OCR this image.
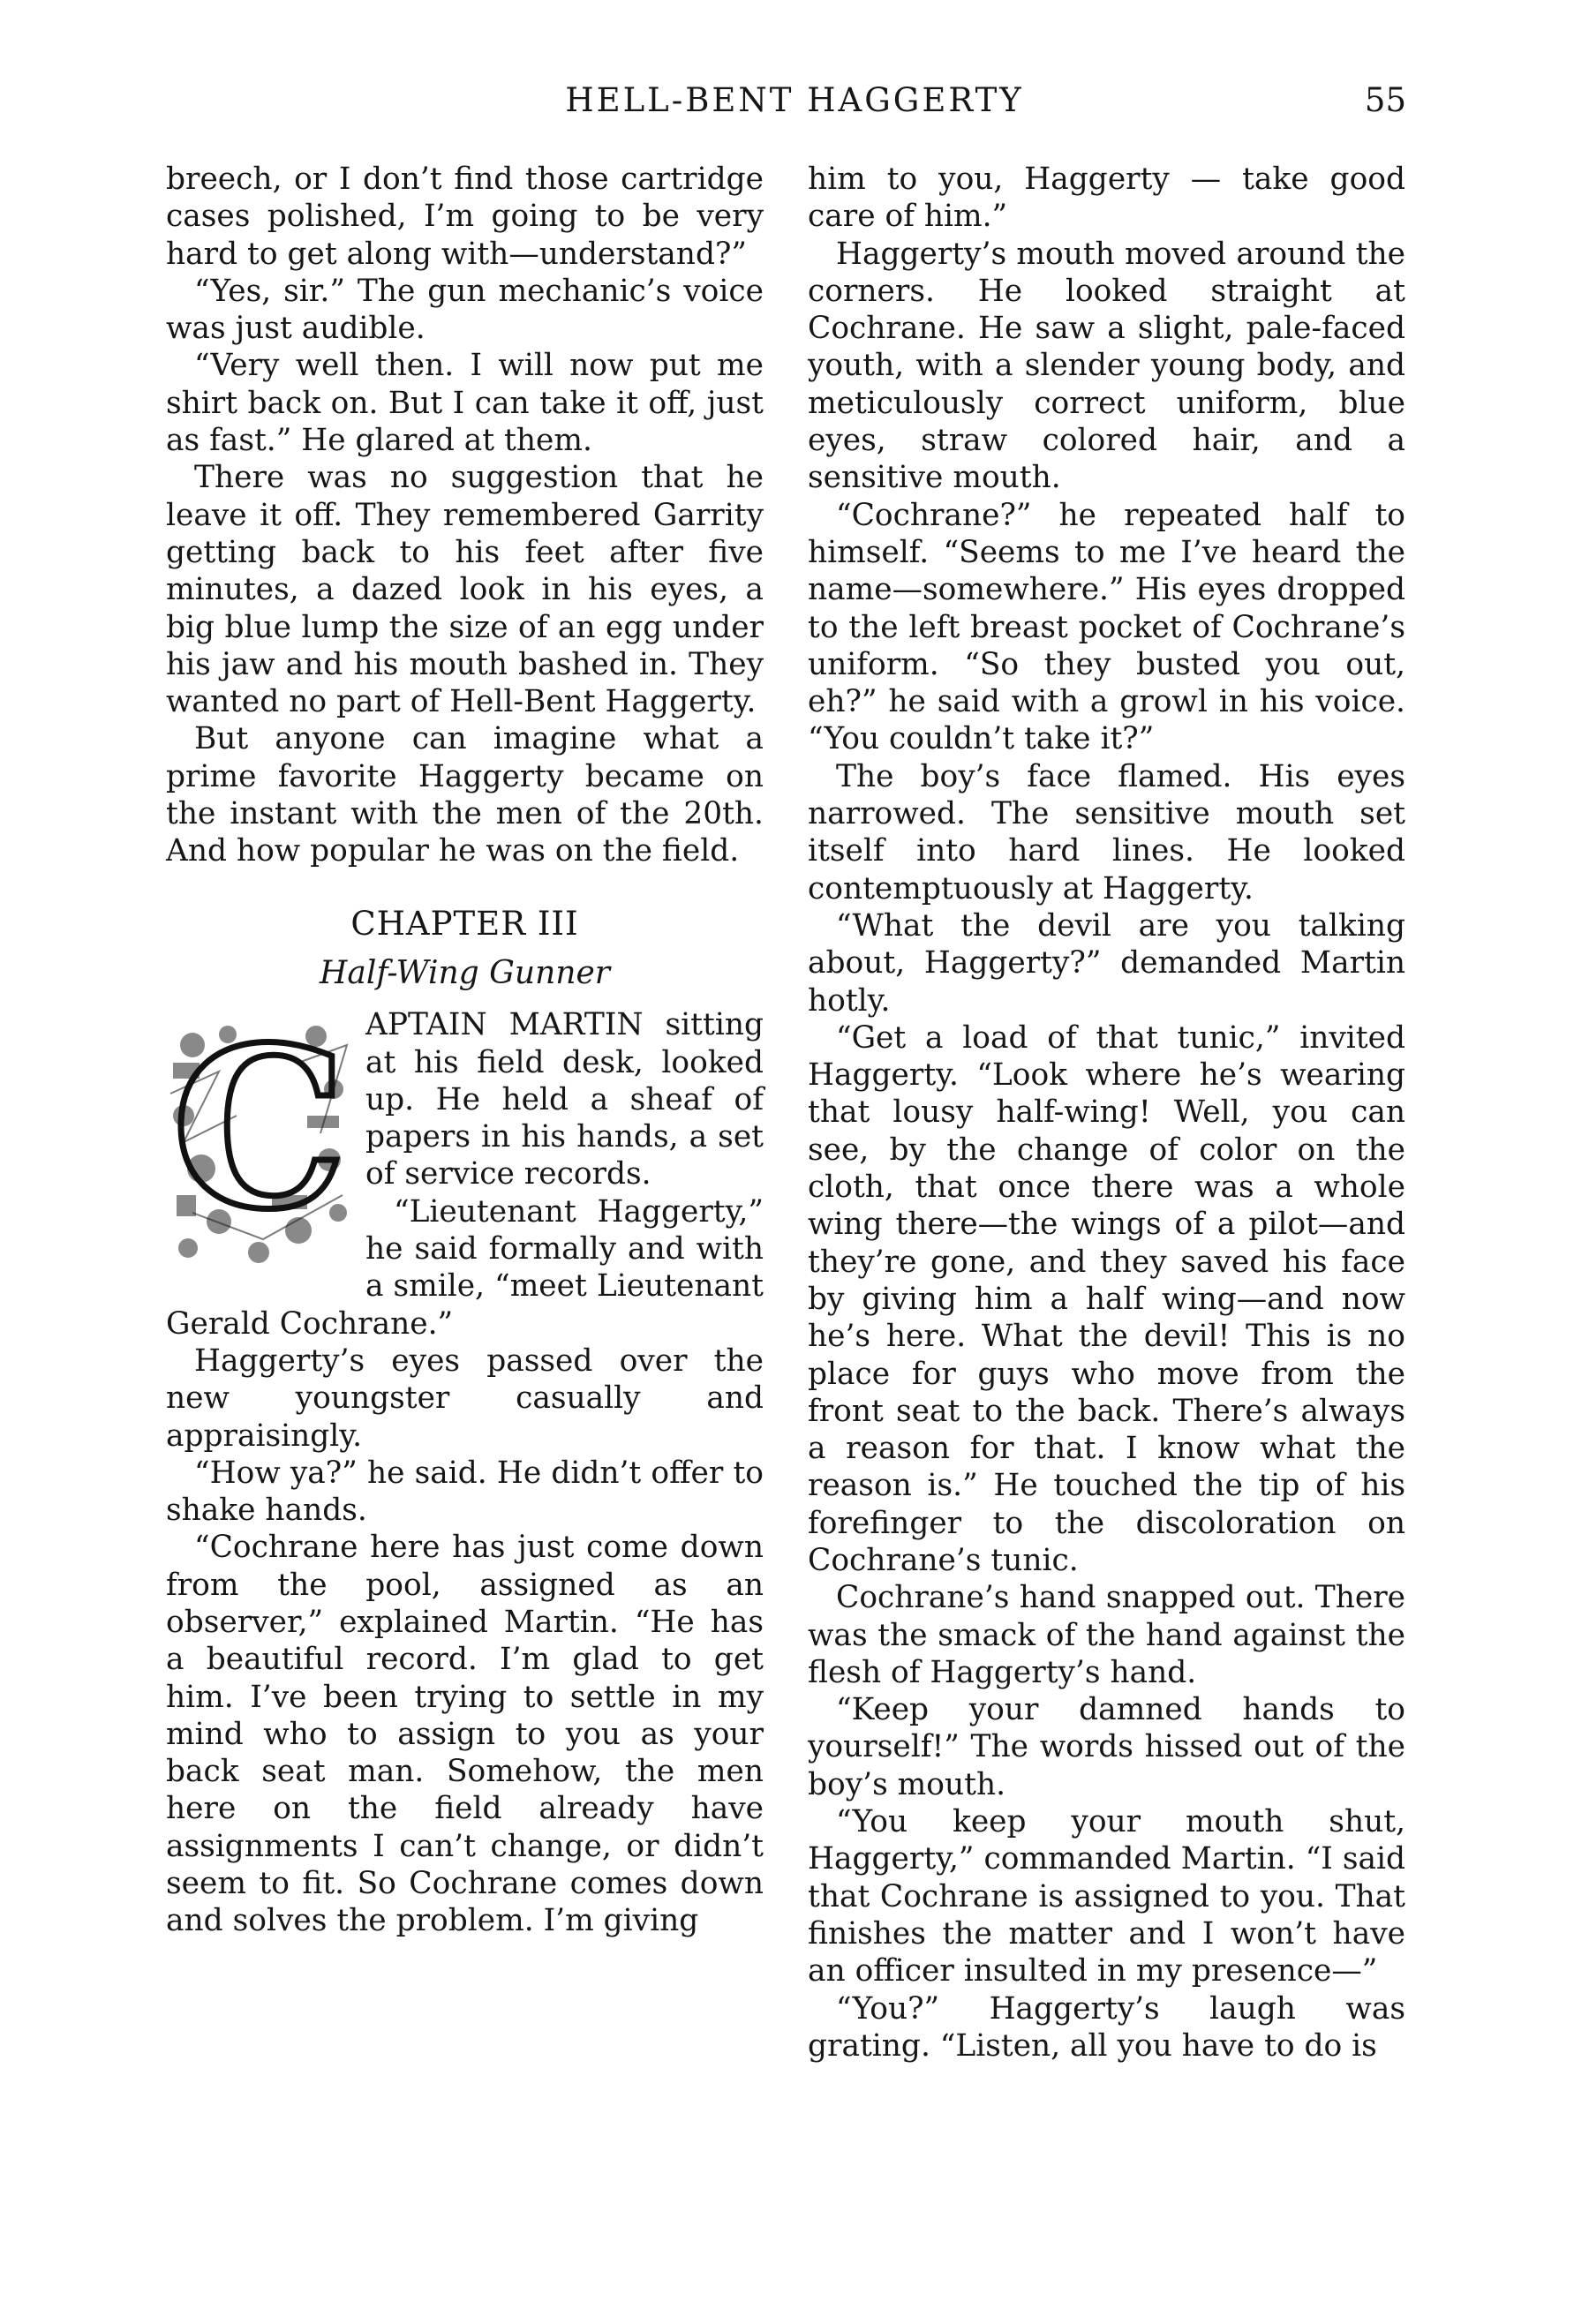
HELL-BENT HAGGERTY	55

breech, or I don’t find those cartridge cases polished, I’m going to be very hard to get along with—understand?”

“Yes, sir.” The gun mechanic’s voice was just audible.

“Very well then. I will now put me shirt back on. But I can take it off, just as fast.” He glared at them.

There was no suggestion that he leave it off. They remembered Garrity getting back to his feet after five minutes, a dazed look in his eyes, a big blue lump the size of an egg under his jaw and his mouth bashed in. They wanted no part of Hell-Bent Haggerty.

But anyone can imagine what a prime favorite Haggerty became on the instant with the men of the 20th. And how popular he was on the field.

CHAPTER III
Half-Wing Gunner
C APTAIN MARTIN sitting at his field desk, looked up. He held a sheaf of papers in his hands, a set of service records.

“Lieutenant Haggerty,” he said formally and with a smile, “meet Lieutenant Gerald Cochrane.”

Haggerty’s eyes passed over the new youngster casually and appraisingly.

“How ya?” he said. He didn’t offer to shake hands.

“Cochrane here has just come down from the pool, assigned as an observer,” explained Martin. “He has a beautiful record. I’m glad to get him. I’ve been trying to settle in my mind who to assign to you as your back seat man. Somehow, the men here on the field already have assignments I can’t change, or didn’t seem to fit. So Cochrane comes down and solves the problem. I’m giving

him to you, Haggerty — take good care of him.”

Haggerty’s mouth moved around the corners. He looked straight at Cochrane. He saw a slight, pale-faced youth, with a slender young body, and meticulously correct uniform, blue eyes, straw colored hair, and a sensitive mouth.

“Cochrane?” he repeated half to himself. “Seems to me I’ve heard the name—somewhere.” His eyes dropped to the left breast pocket of Cochrane’s uniform. “So they busted you out, eh?” he said with a growl in his voice. “You couldn’t take it?”

The boy’s face flamed. His eyes narrowed. The sensitive mouth set itself into hard lines. He looked contemptuously at Haggerty.

“What the devil are you talking about, Haggerty?” demanded Martin hotly.

“Get a load of that tunic,” invited Haggerty. “Look where he’s wearing that lousy half-wing! Well, you can see, by the change of color on the cloth, that once there was a whole wing there—the wings of a pilot—and they’re gone, and they saved his face by giving him a half wing—and now he’s here. What the devil! This is no place for guys who move from the front seat to the back. There’s always a reason for that. I know what the reason is.” He touched the tip of his forefinger to the discoloration on Cochrane’s tunic.

Cochrane’s hand snapped out. There was the smack of the hand against the flesh of Haggerty’s hand.

“Keep your damned hands to yourself!” The words hissed out of the boy’s mouth.

“You keep your mouth shut, Haggerty,” commanded Martin. “I said that Cochrane is assigned to you. That finishes the matter and I won’t have an officer insulted in my presence—”

“You?” Haggerty’s laugh was grating. “Listen, all you have to do is
